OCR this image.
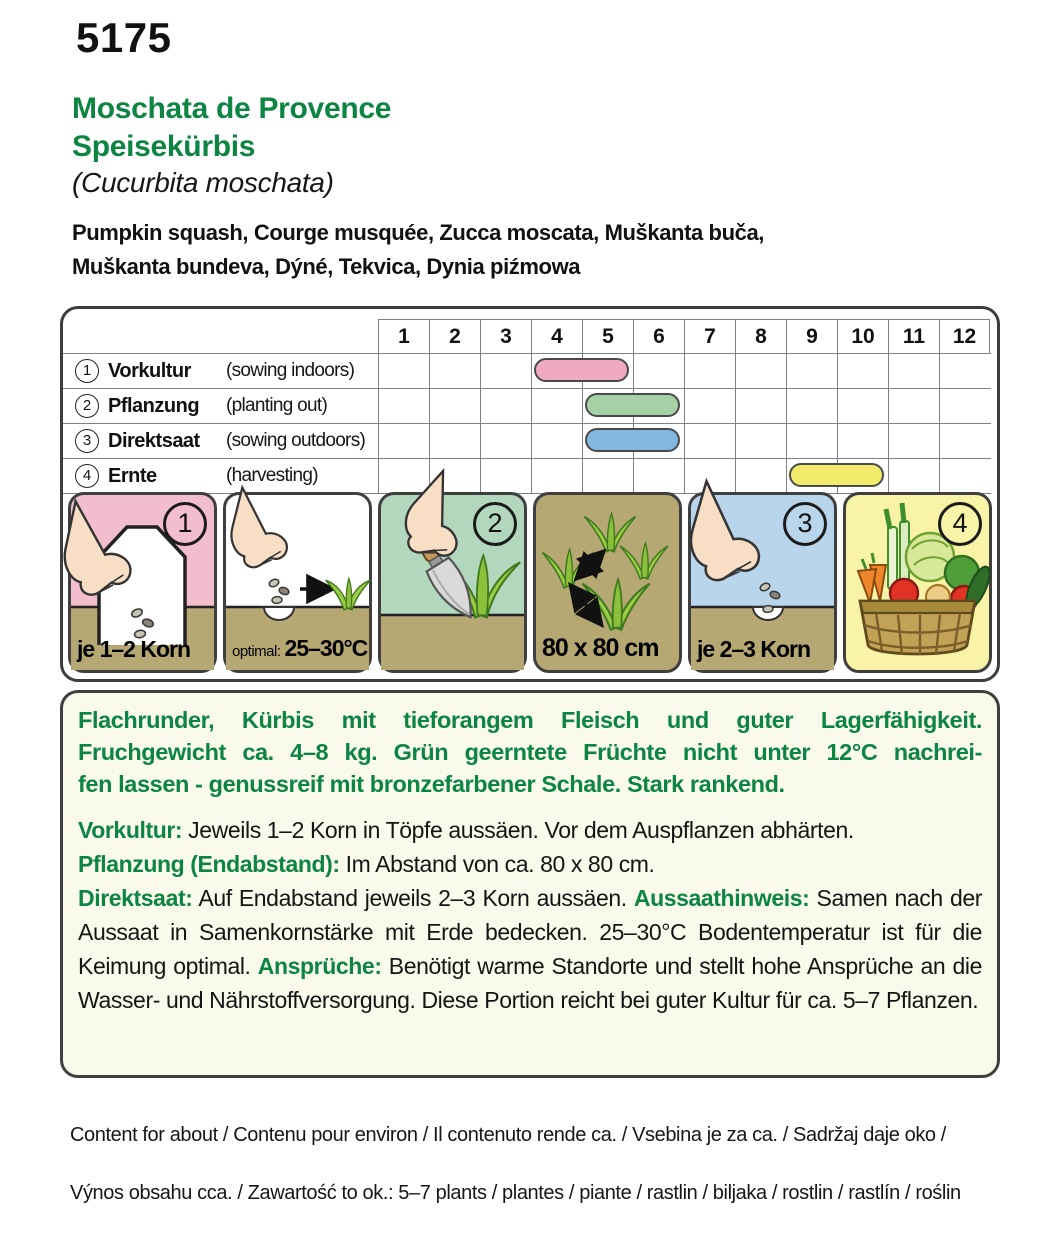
5175
Moschata de Provence
Speisekürbis
(Cucurbita moschata)
Pumpkin squash, Courge musquée, Zucca moscata, Muškanta buča,
Muškanta bundeva, Dýné, Tekvica, Dynia piźmowa
1	2	3	4	5	6	7	8	9	10	11	12
1 Vorkultur	(sowing indoors)
2 Pflanzung	(planting out)
3 Direktsaat	(sowing outdoors)
4 Ernte	(harvesting)
1
je 1–2 Korn	optimal: 25–30°C
2
80 x 80 cm
3
je 2–3 Korn
4
Flachrunder, Kürbis mit tieforangem Fleisch und guter Lagerfähigkeit.
Fruchgewicht ca. 4–8 kg. Grün geerntete Früchte nicht unter 12°C nachrei-
fen lassen - genussreif mit bronzefarbener Schale. Stark rankend.
Vorkultur: Jeweils 1–2 Korn in Töpfe aussäen. Vor dem Auspflanzen abhärten.
Pflanzung (Endabstand): Im Abstand von ca. 80 x 80 cm.
Direktsaat: Auf Endabstand jeweils 2–3 Korn aussäen. Aussaathinweis: Samen nach der Aussaat in Samenkornstärke mit Erde bedecken. 25–30°C Bodentemperatur ist für die Keimung optimal. Ansprüche: Benötigt warme Standorte und stellt hohe Ansprüche an die Wasser- und Nährstoffversorgung. Diese Portion reicht bei guter Kultur für ca. 5–7 Pflanzen.

Content for about / Contenu pour environ / Il contenuto rende ca. / Vsebina je za ca. / Sadržaj daje oko /

Výnos obsahu cca. / Zawartość to ok.: 5–7 plants / plantes / piante / rastlin / biljaka / rostlin / rastlín / roślin
